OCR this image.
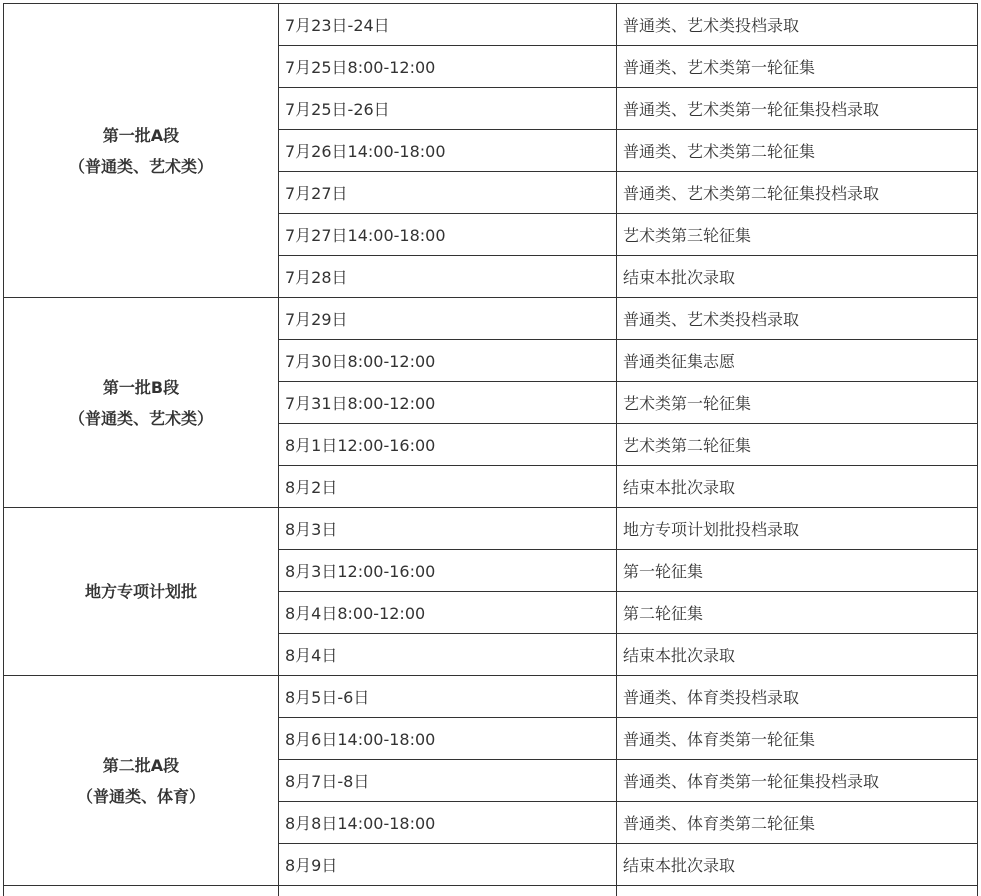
第一批A段
（普通类、艺术类）
7月23日-24日	普通类、艺术类投档录取
7月25日8:00-12:00	普通类、艺术类第一轮征集
7月25日-26日	普通类、艺术类第一轮征集投档录取
7月26日14:00-18:00	普通类、艺术类第二轮征集
7月27日	普通类、艺术类第二轮征集投档录取
7月27日14:00-18:00	艺术类第三轮征集
7月28日	结束本批次录取
第一批B段
（普通类、艺术类）
7月29日	普通类、艺术类投档录取
7月30日8:00-12:00	普通类征集志愿
7月31日8:00-12:00	艺术类第一轮征集
8月1日12:00-16:00	艺术类第二轮征集
8月2日	结束本批次录取
地方专项计划批
8月3日	地方专项计划批投档录取
8月3日12:00-16:00	第一轮征集
8月4日8:00-12:00	第二轮征集
8月4日	结束本批次录取
第二批A段
（普通类、体育）
8月5日-6日	普通类、体育类投档录取
8月6日14:00-18:00	普通类、体育类第一轮征集
8月7日-8日	普通类、体育类第一轮征集投档录取
8月8日14:00-18:00	普通类、体育类第二轮征集
8月9日	结束本批次录取
